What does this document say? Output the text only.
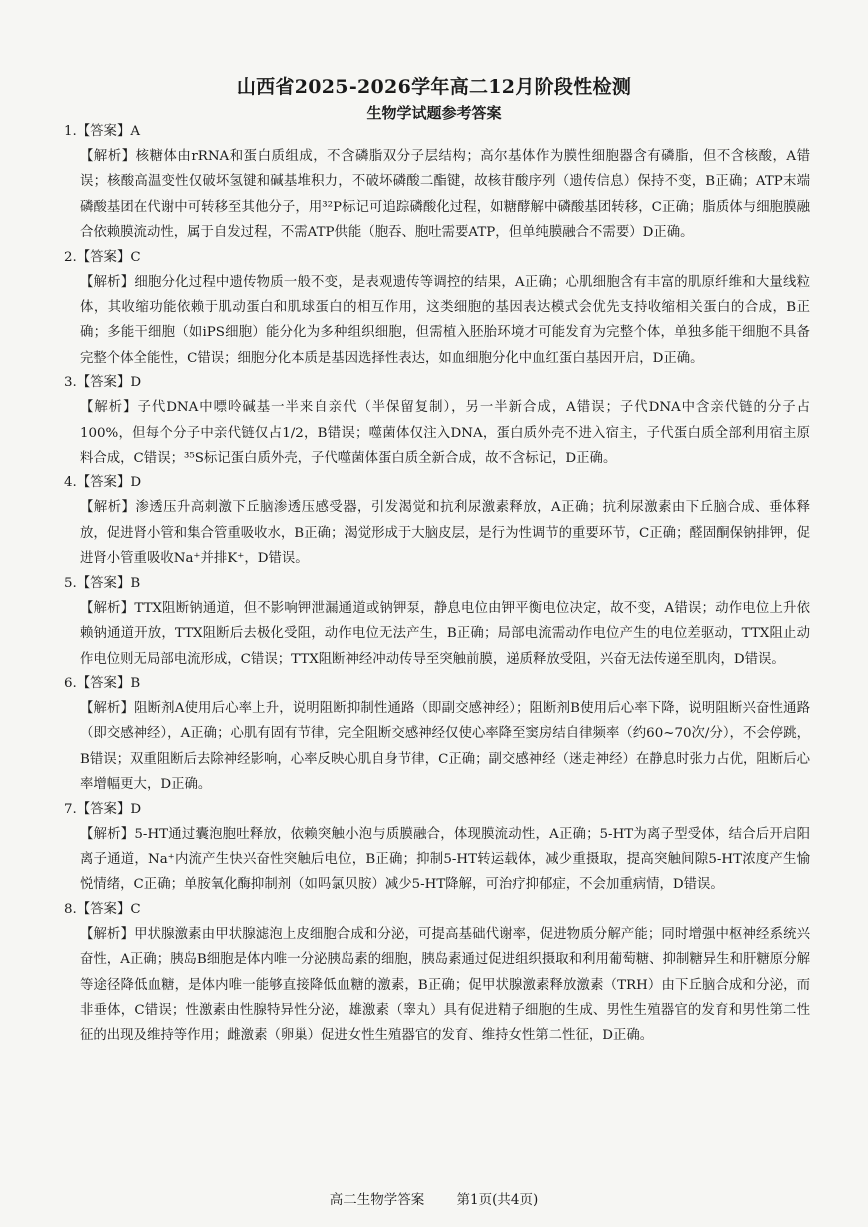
山西省2025-2026学年高二12月阶段性检测
生物学试题参考答案
1.【答案】A
【解析】核糖体由rRNA和蛋白质组成，不含磷脂双分子层结构；高尔基体作为膜性细胞器含有磷脂，但不含核酸，A错误；核酸高温变性仅破坏氢键和碱基堆积力，不破坏磷酸二酯键，故核苷酸序列（遗传信息）保持不变，B正确；ATP末端磷酸基团在代谢中可转移至其他分子，用³²P标记可追踪磷酸化过程，如糖酵解中磷酸基团转移，C正确；脂质体与细胞膜融合依赖膜流动性，属于自发过程，不需ATP供能（胞吞、胞吐需要ATP，但单纯膜融合不需要）D正确。
2.【答案】C
【解析】细胞分化过程中遗传物质一般不变，是表观遗传等调控的结果，A正确；心肌细胞含有丰富的肌原纤维和大量线粒体，其收缩功能依赖于肌动蛋白和肌球蛋白的相互作用，这类细胞的基因表达模式会优先支持收缩相关蛋白的合成，B正确；多能干细胞（如iPS细胞）能分化为多种组织细胞，但需植入胚胎环境才可能发育为完整个体，单独多能干细胞不具备完整个体全能性，C错误；细胞分化本质是基因选择性表达，如血细胞分化中血红蛋白基因开启，D正确。
3.【答案】D
【解析】子代DNA中嘌呤碱基一半来自亲代（半保留复制），另一半新合成，A错误；子代DNA中含亲代链的分子占100%，但每个分子中亲代链仅占1/2，B错误；噬菌体仅注入DNA，蛋白质外壳不进入宿主，子代蛋白质全部利用宿主原料合成，C错误；³⁵S标记蛋白质外壳，子代噬菌体蛋白质全新合成，故不含标记，D正确。
4.【答案】D
【解析】渗透压升高刺激下丘脑渗透压感受器，引发渴觉和抗利尿激素释放，A正确；抗利尿激素由下丘脑合成、垂体释放，促进肾小管和集合管重吸收水，B正确；渴觉形成于大脑皮层，是行为性调节的重要环节，C正确；醛固酮保钠排钾，促进肾小管重吸收Na⁺并排K⁺，D错误。
5.【答案】B
【解析】TTX阻断钠通道，但不影响钾泄漏通道或钠钾泵，静息电位由钾平衡电位决定，故不变，A错误；动作电位上升依赖钠通道开放，TTX阻断后去极化受阻，动作电位无法产生，B正确；局部电流需动作电位产生的电位差驱动，TTX阻止动作电位则无局部电流形成，C错误；TTX阻断神经冲动传导至突触前膜，递质释放受阻，兴奋无法传递至肌肉，D错误。
6.【答案】B
【解析】阻断剂A使用后心率上升，说明阻断抑制性通路（即副交感神经）；阻断剂B使用后心率下降，说明阻断兴奋性通路（即交感神经），A正确；心肌有固有节律，完全阻断交感神经仅使心率降至窦房结自律频率（约60~70次/分），不会停跳，B错误；双重阻断后去除神经影响，心率反映心肌自身节律，C正确；副交感神经（迷走神经）在静息时张力占优，阻断后心率增幅更大，D正确。
7.【答案】D
【解析】5-HT通过囊泡胞吐释放，依赖突触小泡与质膜融合，体现膜流动性，A正确；5-HT为离子型受体，结合后开启阳离子通道，Na⁺内流产生快兴奋性突触后电位，B正确；抑制5-HT转运载体，减少重摄取，提高突触间隙5-HT浓度产生愉悦情绪，C正确；单胺氧化酶抑制剂（如吗氯贝胺）减少5-HT降解，可治疗抑郁症，不会加重病情，D错误。
8.【答案】C
【解析】甲状腺激素由甲状腺滤泡上皮细胞合成和分泌，可提高基础代谢率，促进物质分解产能；同时增强中枢神经系统兴奋性，A正确；胰岛B细胞是体内唯一分泌胰岛素的细胞，胰岛素通过促进组织摄取和利用葡萄糖、抑制糖异生和肝糖原分解等途径降低血糖，是体内唯一能够直接降低血糖的激素，B正确；促甲状腺激素释放激素（TRH）由下丘脑合成和分泌，而非垂体，C错误；性激素由性腺特异性分泌，雄激素（睾丸）具有促进精子细胞的生成、男性生殖器官的发育和男性第二性征的出现及维持等作用；雌激素（卵巢）促进女性生殖器官的发育、维持女性第二性征，D正确。
高二生物学答案 第1页(共4页)
